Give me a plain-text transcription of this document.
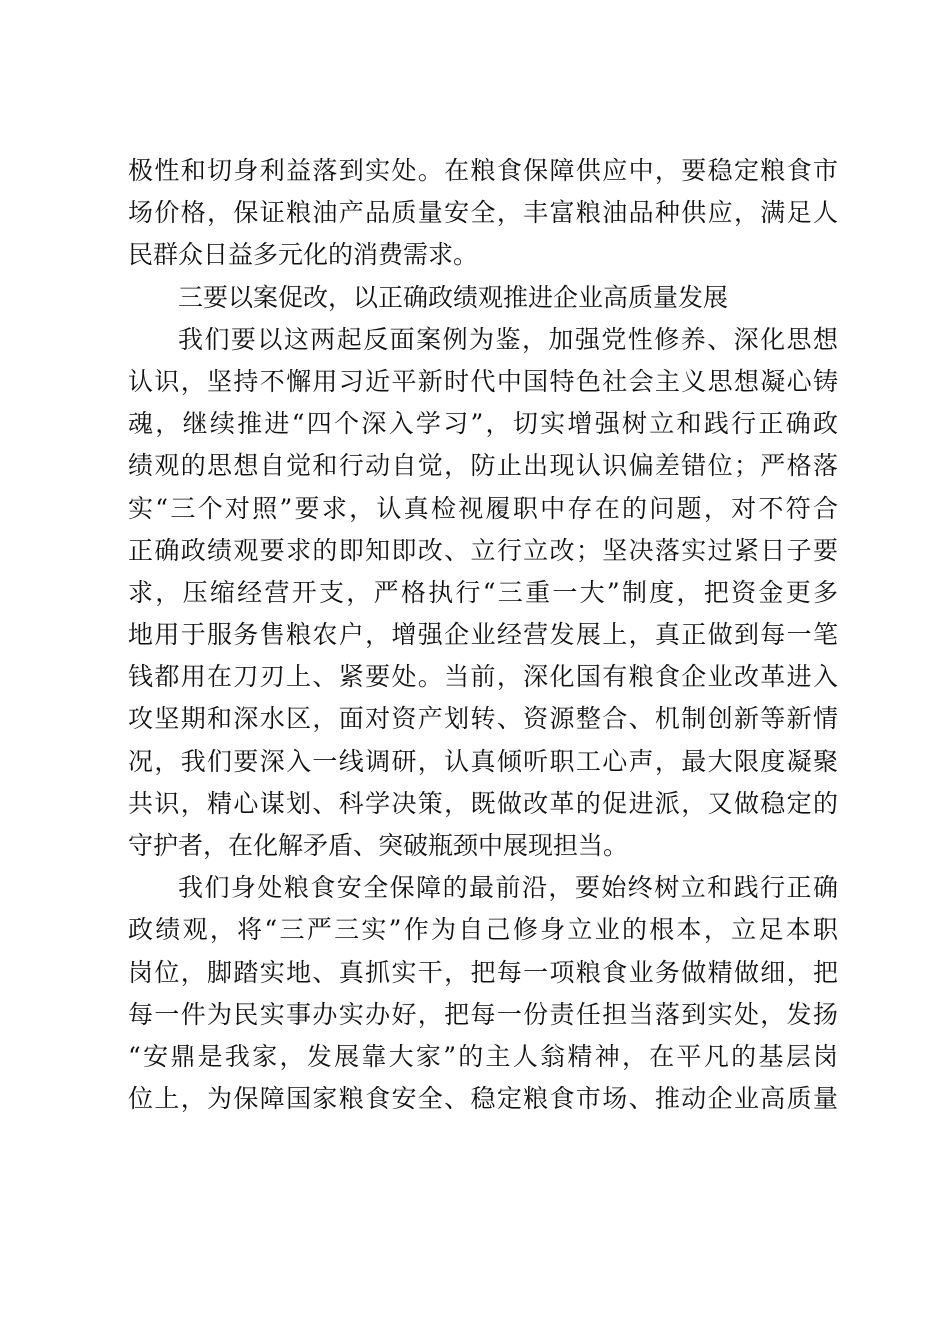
极性和切身利益落到实处。在粮食保障供应中，要稳定粮食市
场价格，保证粮油产品质量安全，丰富粮油品种供应，满足人
民群众日益多元化的消费需求。
三要以案促改，以正确政绩观推进企业高质量发展
我们要以这两起反面案例为鉴，加强党性修养、深化思想
认识，坚持不懈用习近平新时代中国特色社会主义思想凝心铸
魂，继续推进“四个深入学习”，切实增强树立和践行正确政
绩观的思想自觉和行动自觉，防止出现认识偏差错位；严格落
实“三个对照”要求，认真检视履职中存在的问题，对不符合
正确政绩观要求的即知即改、立行立改；坚决落实过紧日子要
求，压缩经营开支，严格执行“三重一大”制度，把资金更多
地用于服务售粮农户，增强企业经营发展上，真正做到每一笔
钱都用在刀刃上、紧要处。当前，深化国有粮食企业改革进入
攻坚期和深水区，面对资产划转、资源整合、机制创新等新情
况，我们要深入一线调研，认真倾听职工心声，最大限度凝聚
共识，精心谋划、科学决策，既做改革的促进派，又做稳定的
守护者，在化解矛盾、突破瓶颈中展现担当。
我们身处粮食安全保障的最前沿，要始终树立和践行正确
政绩观，将“三严三实”作为自己修身立业的根本，立足本职
岗位，脚踏实地、真抓实干，把每一项粮食业务做精做细，把
每一件为民实事办实办好，把每一份责任担当落到实处，发扬
“安鼎是我家，发展靠大家”的主人翁精神，在平凡的基层岗
位上，为保障国家粮食安全、稳定粮食市场、推动企业高质量
